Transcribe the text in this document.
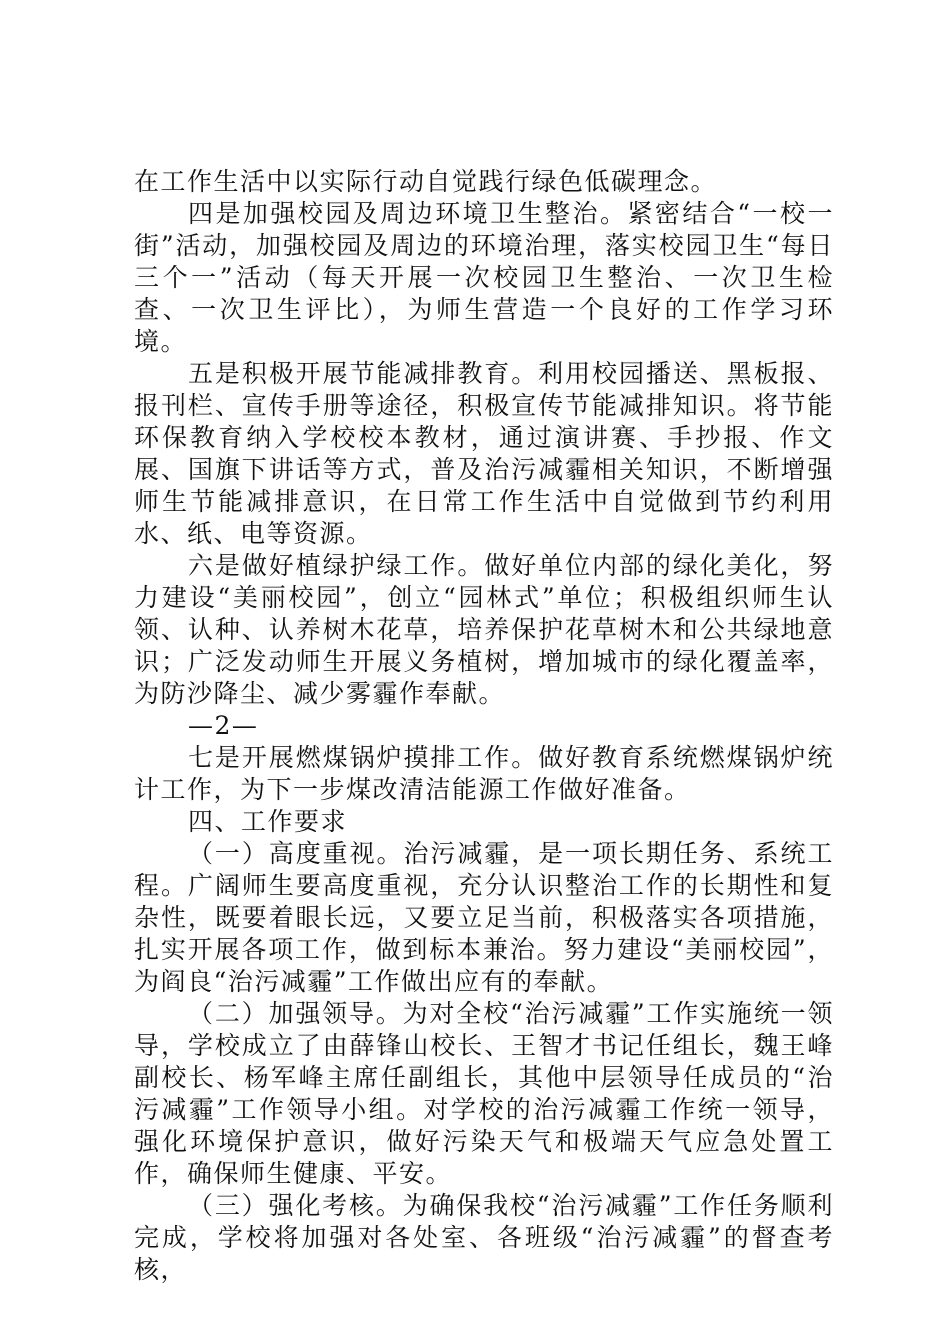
在工作生活中以实际行动自觉践行绿色低碳理念。

四是加强校园及周边环境卫生整治。紧密结合“一校一街”活动，加强校园及周边的环境治理，落实校园卫生“每日三个一”活动（每天开展一次校园卫生整治、一次卫生检查、一次卫生评比），为师生营造一个良好的工作学习环境。

五是积极开展节能减排教育。利用校园播送、黑板报、报刊栏、宣传手册等途径，积极宣传节能减排知识。将节能环保教育纳入学校校本教材，通过演讲赛、手抄报、作文展、国旗下讲话等方式，普及治污减霾相关知识，不断增强师生节能减排意识，在日常工作生活中自觉做到节约利用水、纸、电等资源。

六是做好植绿护绿工作。做好单位内部的绿化美化，努力建设“美丽校园”，创立“园林式”单位；积极组织师生认领、认种、认养树木花草，培养保护花草树木和公共绿地意识；广泛发动师生开展义务植树，增加城市的绿化覆盖率，为防沙降尘、减少雾霾作奉献。

—2—

七是开展燃煤锅炉摸排工作。做好教育系统燃煤锅炉统计工作，为下一步煤改清洁能源工作做好准备。

四、工作要求

（一）高度重视。治污减霾，是一项长期任务、系统工程。广阔师生要高度重视，充分认识整治工作的长期性和复杂性，既要着眼长远，又要立足当前，积极落实各项措施，扎实开展各项工作，做到标本兼治。努力建设“美丽校园”，为阎良“治污减霾”工作做出应有的奉献。

（二）加强领导。为对全校“治污减霾”工作实施统一领导，学校成立了由薛锋山校长、王智才书记任组长，魏王峰副校长、杨军峰主席任副组长，其他中层领导任成员的“治污减霾”工作领导小组。对学校的治污减霾工作统一领导，强化环境保护意识，做好污染天气和极端天气应急处置工作，确保师生健康、平安。

（三）强化考核。为确保我校“治污减霾”工作任务顺利完成，学校将加强对各处室、各班级“治污减霾”的督查考核，
